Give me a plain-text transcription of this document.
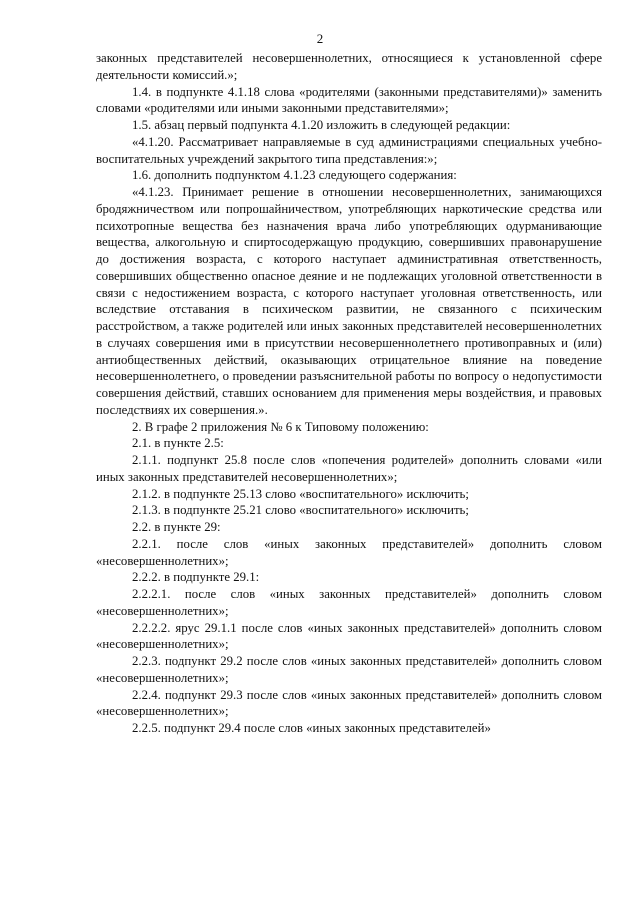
2

законных представителей несовершеннолетних, относящиеся к установленной сфере деятельности комиссий.»;

1.4. в подпункте 4.1.18 слова «родителями (законными представителями)» заменить словами «родителями или иными законными представителями»;

1.5. абзац первый подпункта 4.1.20 изложить в следующей редакции:

«4.1.20. Рассматривает направляемые в суд администрациями специальных учебно-воспитательных учреждений закрытого типа представления:»;

1.6. дополнить подпунктом 4.1.23 следующего содержания:

«4.1.23. Принимает решение в отношении несовершеннолетних, занимающихся бродяжничеством или попрошайничеством, употребляющих наркотические средства или психотропные вещества без назначения врача либо употребляющих одурманивающие вещества, алкогольную и спиртосодержащую продукцию, совершивших правонарушение до достижения возраста, с которого наступает административная ответственность, совершивших общественно опасное деяние и не подлежащих уголовной ответственности в связи с недостижением возраста, с которого наступает уголовная ответственность, или вследствие отставания в психическом развитии, не связанного с психическим расстройством, а также родителей или иных законных представителей несовершеннолетних в случаях совершения ими в присутствии несовершеннолетнего противоправных и (или) антиобщественных действий, оказывающих отрицательное влияние на поведение несовершеннолетнего, о проведении разъяснительной работы по вопросу о недопустимости совершения действий, ставших основанием для применения меры воздействия, и правовых последствиях их совершения.».

2. В графе 2 приложения № 6 к Типовому положению:

2.1. в пункте 2.5:

2.1.1. подпункт 25.8 после слов «попечения родителей» дополнить словами «или иных законных представителей несовершеннолетних»;

2.1.2. в подпункте 25.13 слово «воспитательного» исключить;

2.1.3. в подпункте 25.21 слово «воспитательного» исключить;

2.2. в пункте 29:

2.2.1. после слов «иных законных представителей» дополнить словом «несовершеннолетних»;

2.2.2. в подпункте 29.1:

2.2.2.1. после слов «иных законных представителей» дополнить словом «несовершеннолетних»;

2.2.2.2. ярус 29.1.1 после слов «иных законных представителей» дополнить словом «несовершеннолетних»;

2.2.3. подпункт 29.2 после слов «иных законных представителей» дополнить словом «несовершеннолетних»;

2.2.4. подпункт 29.3 после слов «иных законных представителей» дополнить словом «несовершеннолетних»;

2.2.5. подпункт 29.4 после слов «иных законных представителей»
